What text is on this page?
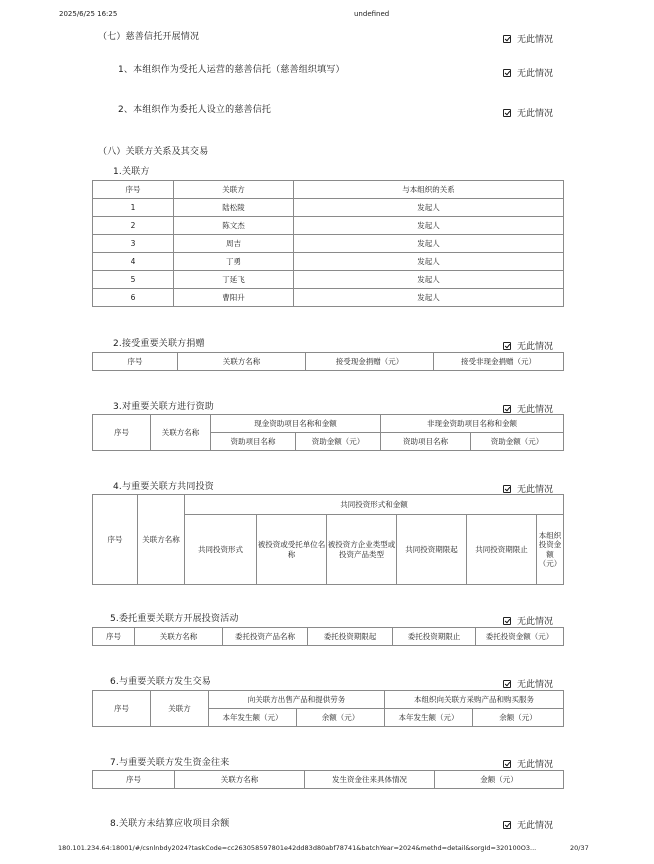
2025/6/25 16:25	undefined
（七）慈善信托开展情况	无此情况
1、本组织作为受托人运营的慈善信托（慈善组织填写）	无此情况
2、本组织作为委托人设立的慈善信托	无此情况
（八）关联方关系及其交易
1.关联方
序号	关联方	与本组织的关系
1	陆松陵	发起人
2	陈文杰	发起人
3	周吉	发起人
4	丁勇	发起人
5	丁延飞	发起人
6	曹阳升	发起人
2.接受重要关联方捐赠	无此情况
序号	关联方名称	接受现金捐赠（元）	接受非现金捐赠（元）
3.对重要关联方进行资助	无此情况
序号	关联方名称	现金资助项目名称和金额		非现金资助项目名称和金额	
		资助项目名称	资助金额（元）	资助项目名称	资助金额（元）
4.与重要关联方共同投资	无此情况
序号	关联方名称	共同投资形式和金额					
		共同投资形式	被投资或受托单位名称	被投资方企业类型或投资产品类型	共同投资期限起	共同投资期限止	本组织投资金额（元）
5.委托重要关联方开展投资活动	无此情况
序号	关联方名称	委托投资产品名称	委托投资期限起	委托投资期限止	委托投资金额（元）
6.与重要关联方发生交易	无此情况
序号	关联方	向关联方出售产品和提供劳务		本组织向关联方采购产品和购买服务	
		本年发生额（元）	余额（元）	本年发生额（元）	余额（元）
7.与重要关联方发生资金往来	无此情况
序号	关联方名称	发生资金往来具体情况	金额（元）
8.关联方未结算应收项目余额	无此情况
180.101.234.64:18001/#/csnlnbdy2024?taskCode=cc263058597801e42dd83d80abf78741&batchYear=2024&methd=detail&sorgId=320100O3...	20/37
